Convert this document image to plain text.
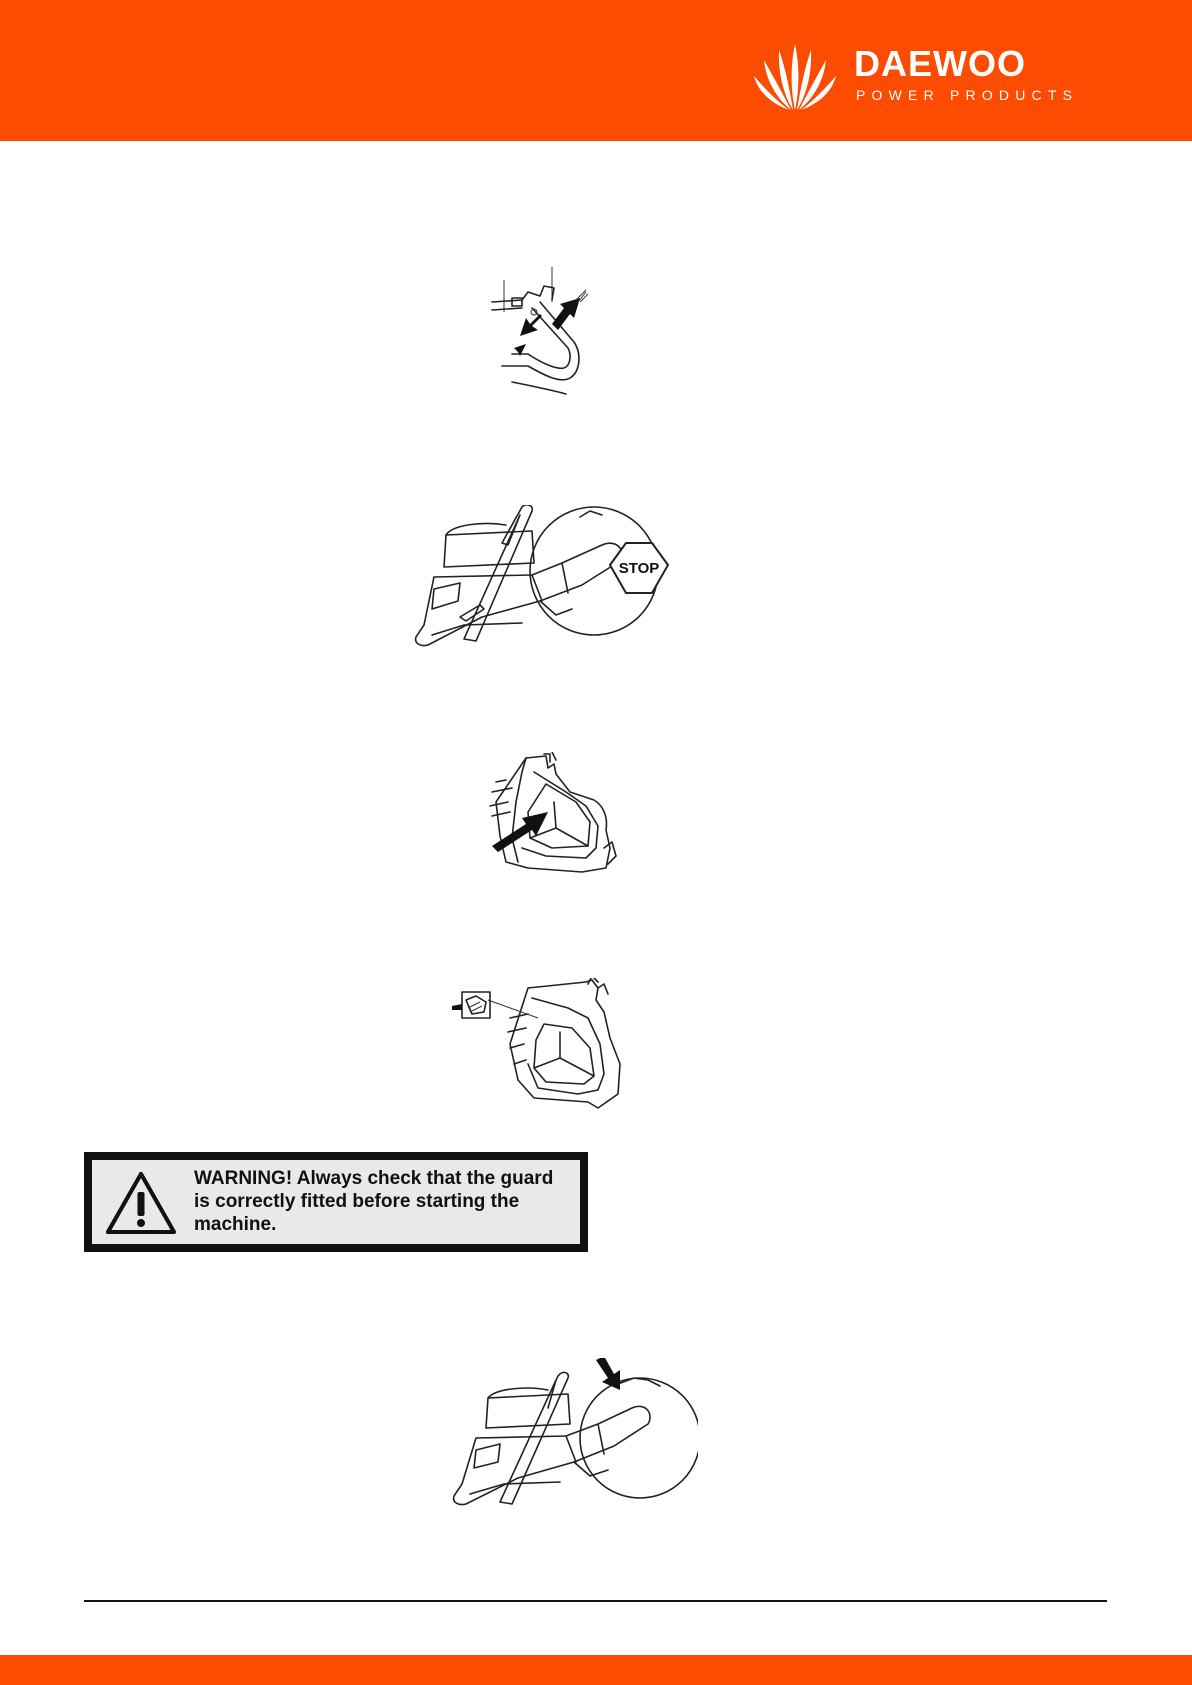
DAEWOO
POWER PRODUCTS
STOP

WARNING! Always check that the guard is correctly fitted before starting the machine.
